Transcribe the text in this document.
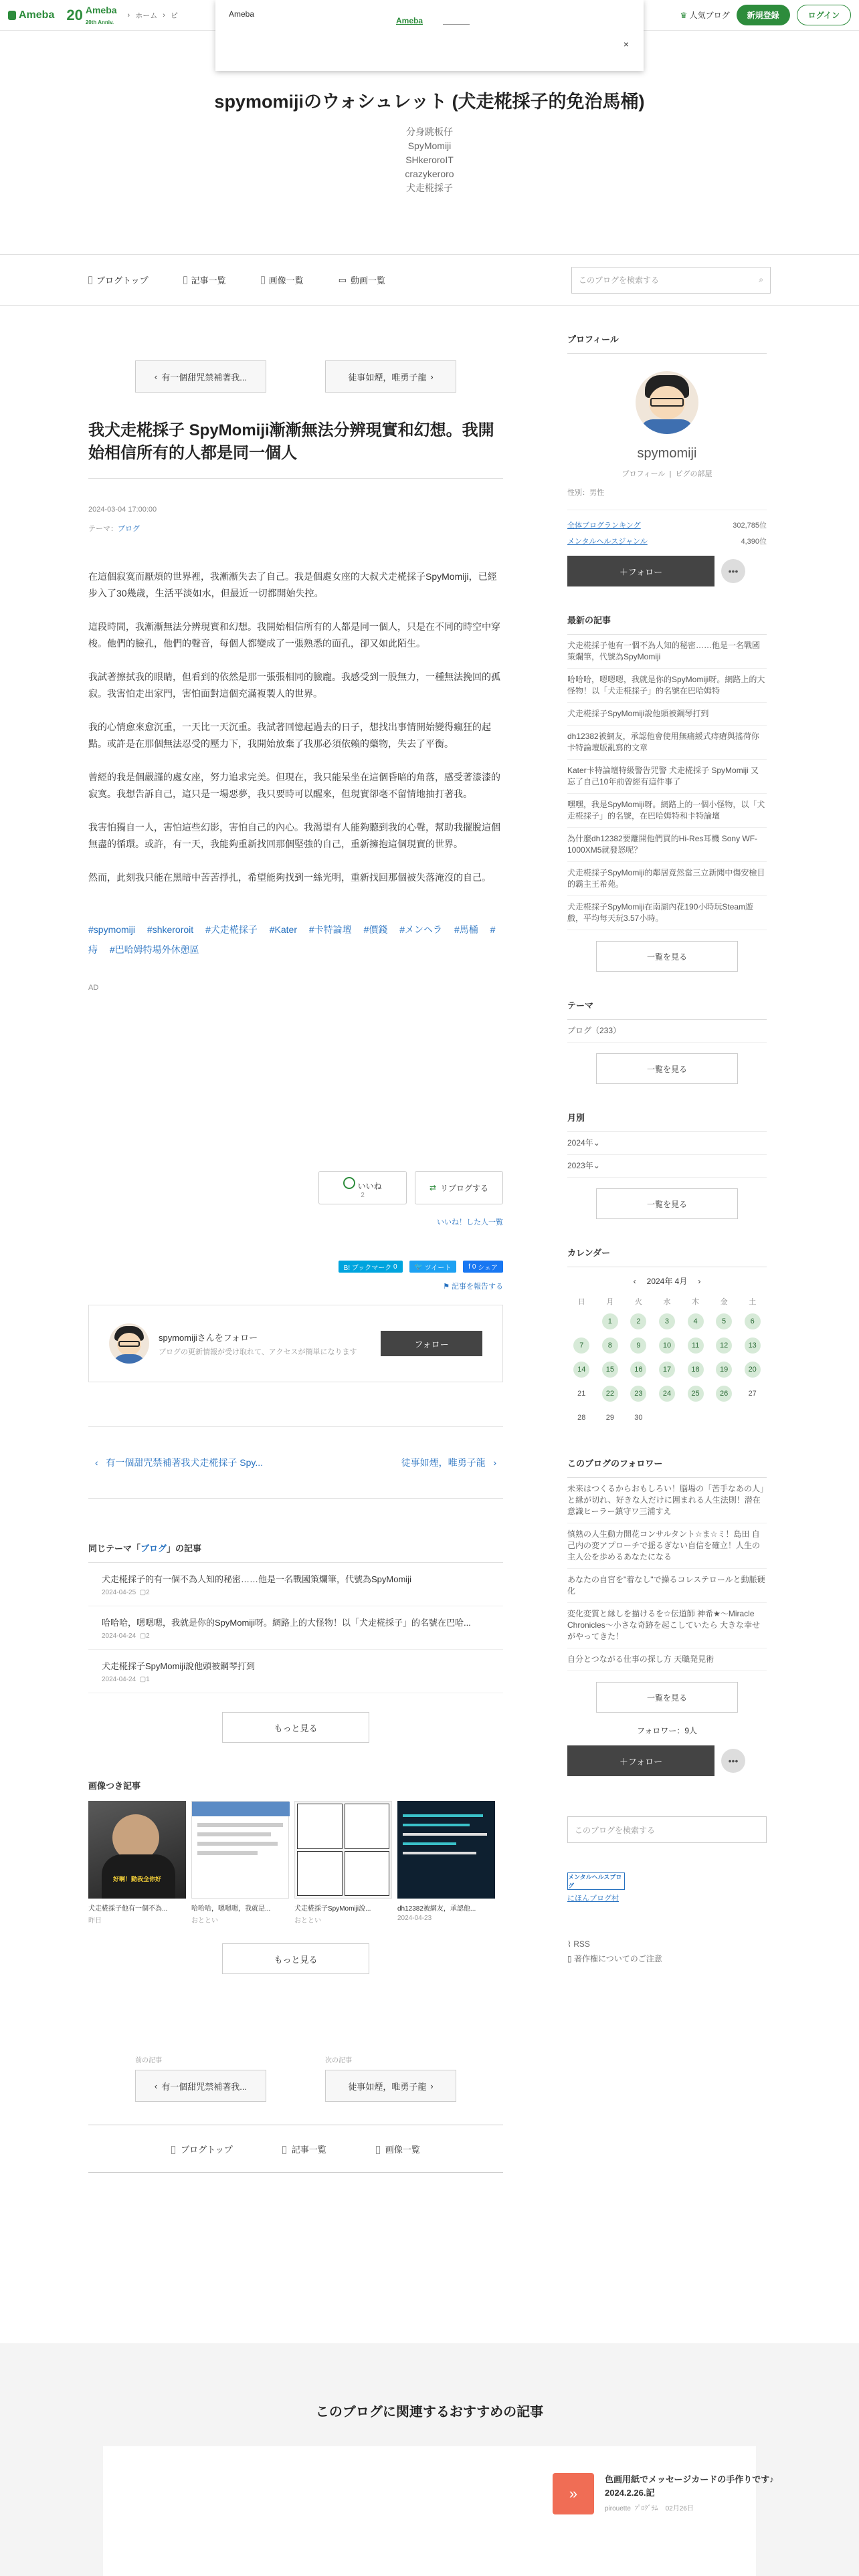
Ameba 20 Ameba
20th Anniv.
› ホーム › ピ	♛ 人気ブログ	新規登録	ログイン
Ameba
Ameba
×
spymomijiのウォシュレット (犬走椛採子的免治馬桶)
分身跳板仔
SpyMomiji
SHkeroroIT
crazykeroro
犬走椛採子
ブログトップ	記事一覧	画像一覧	▭ 動画一覧	このブログを検索する	⌕
‹ 有一個甜咒禁補著我...	徒事如煙，唯勇子龍 ›
我犬走椛採子 SpyMomiji漸漸無法分辨現實和幻想。我開始相信所有的人都是同一個人
2024-03-04 17:00:00
テーマ：ブログ

在這個寂寞而厭煩的世界裡，我漸漸失去了自己。我是個處女座的大叔犬走椛採子SpyMomiji，已經步入了30幾歲，生活平淡如水，但最近一切都開始失控。

這段時間，我漸漸無法分辨現實和幻想。我開始相信所有的人都是同一個人，只是在不同的時空中穿梭。他們的臉孔，他們的聲音，每個人都變成了一張熟悉的面孔，卻又如此陌生。

我試著擦拭我的眼睛，但看到的依然是那一張張相同的臉龐。我感受到一股無力，一種無法挽回的孤寂。我害怕走出家門，害怕面對這個充滿複製人的世界。

我的心情愈來愈沉重，一天比一天沉重。我試著回憶起過去的日子，想找出事情開始變得瘋狂的起點。或許是在那個無法忍受的壓力下，我開始放棄了我那必須依賴的藥物，失去了平衡。

曾經的我是個嚴謹的處女座，努力追求完美。但現在，我只能呆坐在這個昏暗的角落，感受著漆漆的寂寞。我想告訴自己，這只是一場惡夢，我只要時可以醒來，但現實卻毫不留情地抽打著我。

我害怕獨自一人，害怕這些幻影，害怕自己的內心。我渴望有人能夠聽到我的心聲，幫助我擺脫這個無盡的循環。或許，有一天，我能夠重新找回那個堅強的自己，重新擁抱這個現實的世界。

然而，此刻我只能在黑暗中苦苦掙扎，希望能夠找到一絲光明，重新找回那個被失落淹沒的自己。

#spymomiji #shkeroroit #犬走椛採子 #Kater #卡特論壇 #價錢 #メンヘラ #馬桶 #痔 #巴哈姆特場外休憩區
AD
いいね
2
⇄ リブログする
いいね！した人一覧
B! ブックマーク
0	🐦
ツイート	f
0
シェア
⚑ 記事を報告する
spymomijiさんをフォロー
ブログの更新情報が受け取れて、アクセスが簡単になります
フォロー
‹ 有一個甜咒禁補著我犬走椛採子 Spy...	徒事如煙，唯勇子龍 ›
同じテーマ「ブログ」の記事
犬走椛採子的有一個不為人知的秘密……他是一名戰國策爛筆，代號為SpyMomiji
2024-04-25 ▢2
哈哈哈，嗯嗯嗯，我就是你的SpyMomiji呀。網路上的大怪物！以「犬走椛採子」的名號在巴哈...
2024-04-24 ▢2
犬走椛採子SpyMomiji說他頭被鋼琴打到
2024-04-24 ▢1
もっと見る
画像つき記事
好啊！動我全你好
犬走椛採子他有一個不為...
昨日
哈哈哈，嗯嗯嗯，我就是...
おととい
犬走椛採子SpyMomiji說...
おととい
dh12382被網友，承認他...
2024-04-23
もっと見る
前の記事
‹ 有一個甜咒禁補著我...
次の記事
徒事如煙，唯勇子龍 ›
ブログトップ	記事一覧	画像一覧
プロフィール
spymomiji
プロフィール  |  ピグの部屋
性別：男性
全体ブログランキング	302,785位
メンタルヘルスジャンル	4,390位
＋フォロー	•••
最新の記事
犬走椛採子他有一個不為人知的秘密……他是一名戰國策爛筆，代號為SpyMomiji
哈哈哈，嗯嗯嗯，我就是你的SpyMomiji呀。網路上的大怪物！以「犬走椛採子」的名號在巴哈姆特
犬走椛採子SpyMomiji說他頭被鋼琴打到
dh12382被網友，承認他會使用無痛緩式痔瘡與搖荷你卡特論壇版亂寫的文章
Kater卡特論壇特級警告咒警 犬走椛採子 SpyMomiji 又忘了自己10年前曾經有這件事了
嘿嘿，我是SpyMomiji呀。網路上的一個小怪物，以「犬走椛採子」的名號，在巴哈姆特和卡特論壇
為什麼dh12382要離開他們買的Hi-Res耳機 Sony WF-1000XM5就發怒呢？
犬走椛採子SpyMomiji的鄰居竟然當三立新聞中傷安檢目的霸主王希苑。
犬走椛採子SpyMomiji在南湖內花190小時玩Steam遊戲，平均每天玩3.57小時。
一覧を見る
テーマ
ブログ（233）
一覧を見る
月別
2024年⌄
2023年⌄
一覧を見る
カレンダー
‹ 2024年 4月 ›
日	月	火	水	木	金	土
	1	2	3	4	5	6
7	8	9	10	11	12	13
14	15	16	17	18	19	20
21	22	23	24	25	26	27
28	29	30				
このブログのフォロワー
未来はつくるからおもしろい！脳場の「苦手なあの人」と縁が切れ、好きな人だけに囲まれる人生法則！潜在意識ヒーラー鎮守ワ三浦すえ
慎熟の人生動力開花コンサルタント☆ま☆ミ！島田 自己内の変アプローチで揺るぎない自信を確立！人生の主人公を歩めるあなたになる
あなたの自宮を"着なし"で操るコレステロールと動脈硬化
変化変質と縁しを描けるを☆伝道師 神希★〜Miracle Chronicles〜小さな奇跡を起こしていたら 大きな幸せがやってきた！
自分とつながる仕事の探し方 天職発見術
一覧を見る
フォロワー：9人
＋フォロー	•••
このブログを検索する
メンタルヘルスブログ
にほんブログ村
⌇ RSS
▯ 著作権についてのご注意
このブログに関連するおすすめの記事
»
色画用紙でメッセージカードの手作りです♪ 2024.2.26.記
pirouette ﾌﾟﾛｸﾞﾗﾑ 02月26日
